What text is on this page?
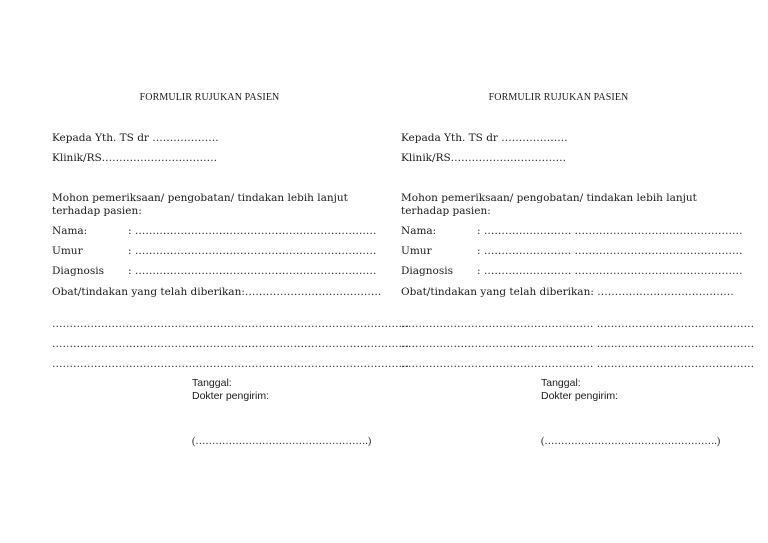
FORMULIR RUJUKAN PASIEN
Kepada Yth. TS dr ……………….
Klinik/RS……………………………
Mohon pemeriksaan/ pengobatan/ tindakan lebih lanjut
terhadap pasien:
Nama:	: ……………………………………………………………
Umur	: ……………………………………………………………
Diagnosis : ……………………………………………………………
Obat/tindakan yang telah diberikan:…………………………………
…………………………………………………………………………………………
…………………………………………………………………………………………
…………………………………………………………………………………………
Tanggal:
Dokter pengirim:
(…………………………………………….)
FORMULIR RUJUKAN PASIEN
Kepada Yth. TS dr ……………….
Klinik/RS……………………………
Mohon pemeriksaan/ pengobatan/ tindakan lebih lanjut
terhadap pasien:
Nama:	: ……………………. …………………………………………
Umur	: ……………………. …………………………………………
Diagnosis : ……………………. …………………………………………
Obat/tindakan yang telah diberikan: …………………………………
………………………………………………. ………………………………………
………………………………………………. ………………………………………
………………………………………………. ………………………………………
Tanggal:
Dokter pengirim:
(…………………………………………….)
